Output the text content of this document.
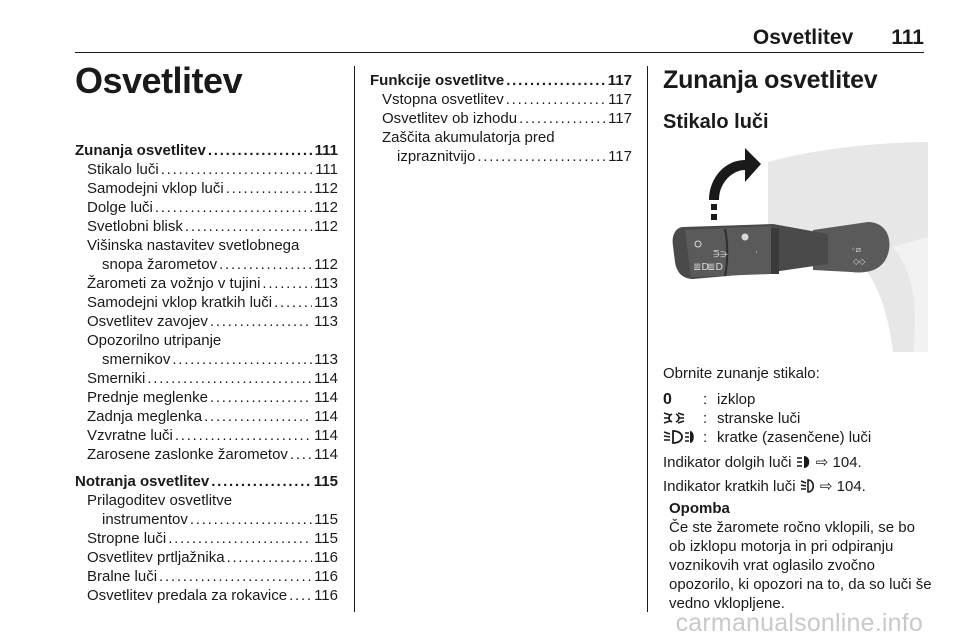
Osvetlitev 111
Osvetlitev
Zunanja osvetlitev . . .	111
Stikalo luči . . .	111
Samodejni vklop luči . . .	112
Dolge luči . . .	112
Svetlobni blisk . . .	112
Višinska nastavitev svetlobnega
snopa žarometov . . .	112
Žarometi za vožnjo v tujini . . .	113
Samodejni vklop kratkih luči . . .	113
Osvetlitev zavojev . . .	113
Opozorilno utripanje
smernikov . . .	113
Smerniki . . .	114
Prednje meglenke . . .	114
Zadnja meglenka . . .	114
Vzvratne luči . . .	114
Zarosene zaslonke žarometov . . . 114
Notranja osvetlitev . . .	115
Prilagoditev osvetlitve
instrumentov . . .	115
Stropne luči . . .	115
Osvetlitev prtljažnika . . .	116
Bralne luči . . .	116
Osvetlitev predala za rokavice . . . 116
Funkcije osvetlitve . . .	117
Vstopna osvetlitev . . .	117
Osvetlitev ob izhodu . . .	117
Zaščita akumulatorja pred
izpraznitvijo . . .	117
Zunanja osvetlitev
Stikalo luči
≣D
≣D
⋽⋺	·	◦⧄
◇◇
Obrnite zunanje stikalo:
0	: izklop
: stranske luči
: kratke (zasenčene) luči
Indikator dolgih luči ⇨ 104.
Indikator kratkih luči ⇨ 104.
Opomba
Če ste žaromete ročno vklopili, se bo ob izklopu motorja in pri odpiranju voznikovih vrat oglasilo zvočno opozorilo, ki opozori na to, da so luči še vedno vklopljene.
carmanualsonline.info
